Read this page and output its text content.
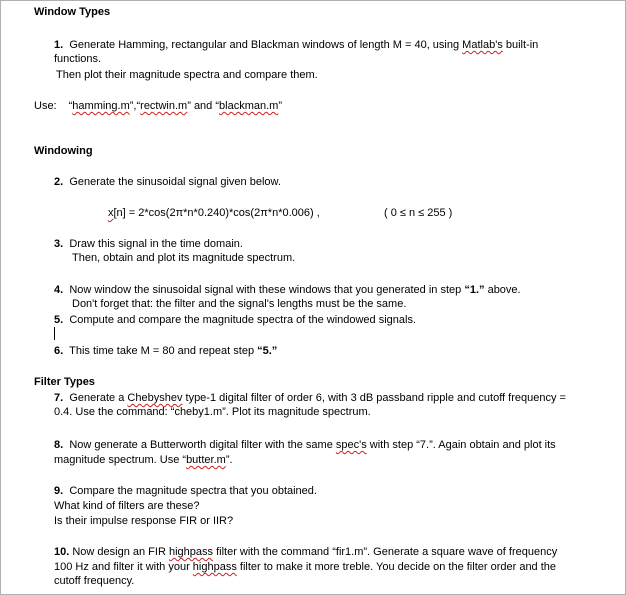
Window Types
1. Generate Hamming, rectangular and Blackman windows of length M = 40, using Matlab's built-in
functions.
Then plot their magnitude spectra and compare them.
Use: “hamming.m”,“rectwin.m” and “blackman.m”
Windowing
2. Generate the sinusoidal signal given below.
x[n] = 2*cos(2π*n*0.240)*cos(2π*n*0.006) ,	( 0 ≤ n ≤ 255 )
3. Draw this signal in the time domain.
Then, obtain and plot its magnitude spectrum.
4. Now window the sinusoidal signal with these windows that you generated in step “1.” above.
Don't forget that: the filter and the signal's lengths must be the same.
5. Compute and compare the magnitude spectra of the windowed signals.
6. This time take M = 80 and repeat step “5.”
Filter Types
7. Generate a Chebyshev type-1 digital filter of order 6, with 3 dB passband ripple and cutoff frequency =
0.4. Use the command: “cheby1.m”. Plot its magnitude spectrum.
8. Now generate a Butterworth digital filter with the same spec's with step “7.”. Again obtain and plot its
magnitude spectrum. Use “butter.m”.
9. Compare the magnitude spectra that you obtained.
What kind of filters are these?
Is their impulse response FIR or IIR?
10. Now design an FIR highpass filter with the command “fir1.m”. Generate a square wave of frequency
100 Hz and filter it with your highpass filter to make it more treble. You decide on the filter order and the
cutoff frequency.
